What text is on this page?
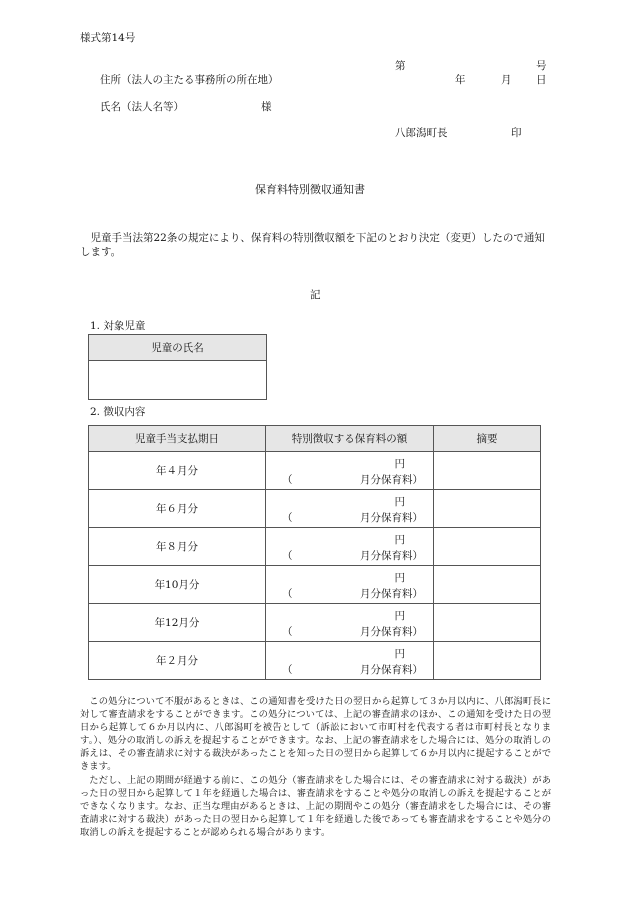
様式第14号
第	号
住所（法人の主たる事務所の所在地）	年	月 日
氏名（法人名等）	様
八郎潟町長	印
保育料特別徴収通知書
児童手当法第22条の規定により、保育料の特別徴収額を下記のとおり決定（変更）したので通知します。
記
1. 対象児童
児童の氏名

2. 徴収内容
児童手当支払期日	特別徴収する保育料の額	摘要
年４月分	円
（ 月分保育料）	

年６月分	円
（ 月分保育料）	

年８月分	円
（ 月分保育料）	

年10月分	円
（ 月分保育料）	

年12月分	円
（ 月分保育料）	

年２月分	円
（ 月分保育料）	

この処分について不服があるときは、この通知書を受けた日の翌日から起算して３か月以内に、八郎潟町長に対して審査請求をすることができます。この処分については、上記の審査請求のほか、この通知を受けた日の翌日から起算して６か月以内に、八郎潟町を被告として（訴訟において市町村を代表する者は市町村長となります。）、処分の取消しの訴えを提起することができます。なお、上記の審査請求をした場合には、処分の取消しの訴えは、その審査請求に対する裁決があったことを知った日の翌日から起算して６か月以内に提起することができます。

ただし、上記の期間が経過する前に、この処分（審査請求をした場合には、その審査請求に対する裁決）があった日の翌日から起算して１年を経過した場合は、審査請求をすることや処分の取消しの訴えを提起することができなくなります。なお、正当な理由があるときは、上記の期間やこの処分（審査請求をした場合には、その審査請求に対する裁決）があった日の翌日から起算して１年を経過した後であっても審査請求をすることや処分の取消しの訴えを提起することが認められる場合があります。
